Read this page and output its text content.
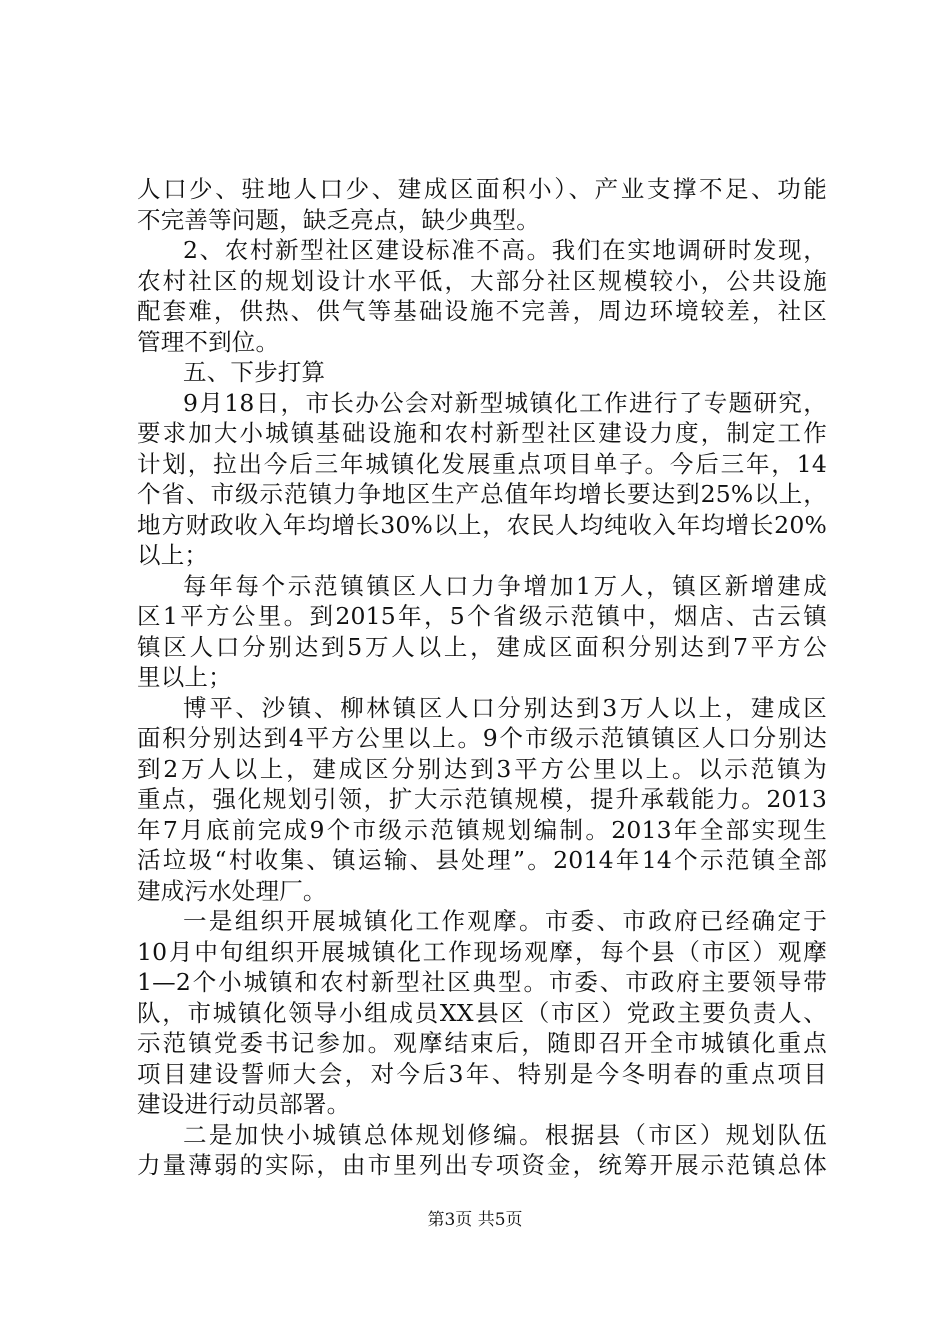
人口少、驻地人口少、建成区面积小）、产业支撑不足、功能
不完善等问题，缺乏亮点，缺少典型。
2、农村新型社区建设标准不高。我们在实地调研时发现，
农村社区的规划设计水平低，大部分社区规模较小，公共设施
配套难，供热、供气等基础设施不完善，周边环境较差，社区
管理不到位。
五、下步打算
9月18日，市长办公会对新型城镇化工作进行了专题研究，
要求加大小城镇基础设施和农村新型社区建设力度，制定工作
计划，拉出今后三年城镇化发展重点项目单子。今后三年，14
个省、市级示范镇力争地区生产总值年均增长要达到25%以上，
地方财政收入年均增长30%以上，农民人均纯收入年均增长20%
以上；
每年每个示范镇镇区人口力争增加1万人，镇区新增建成
区1平方公里。到2015年，5个省级示范镇中，烟店、古云镇
镇区人口分别达到5万人以上，建成区面积分别达到7平方公
里以上；
博平、沙镇、柳林镇区人口分别达到3万人以上，建成区
面积分别达到4平方公里以上。9个市级示范镇镇区人口分别达
到2万人以上，建成区分别达到3平方公里以上。以示范镇为
重点，强化规划引领，扩大示范镇规模，提升承载能力。2013
年7月底前完成9个市级示范镇规划编制。2013年全部实现生
活垃圾“村收集、镇运输、县处理”。2014年14个示范镇全部
建成污水处理厂。
一是组织开展城镇化工作观摩。市委、市政府已经确定于
10月中旬组织开展城镇化工作现场观摩，每个县（市区）观摩
1—2个小城镇和农村新型社区典型。市委、市政府主要领导带
队，市城镇化领导小组成员XX县区（市区）党政主要负责人、
示范镇党委书记参加。观摩结束后，随即召开全市城镇化重点
项目建设誓师大会，对今后3年、特别是今冬明春的重点项目
建设进行动员部署。
二是加快小城镇总体规划修编。根据县（市区）规划队伍
力量薄弱的实际，由市里列出专项资金，统筹开展示范镇总体
第3页 共5页
